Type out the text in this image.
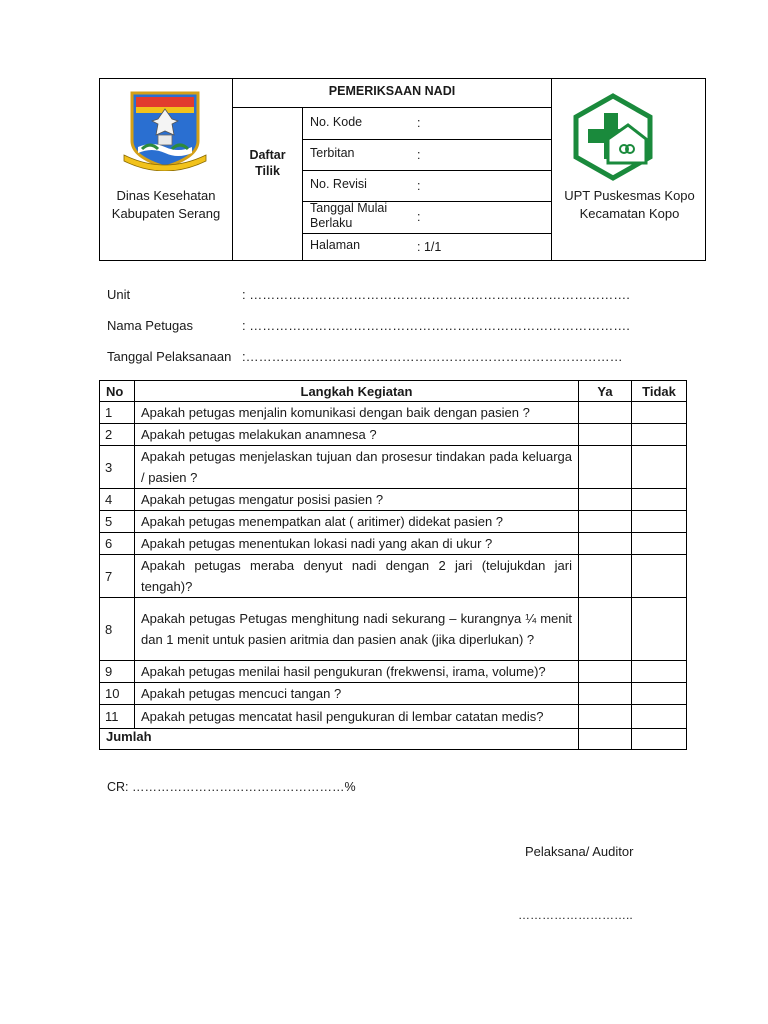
Dinas Kesehatan
Kabupaten Serang
PEMERIKSAAN NADI
Daftar
Tilik
No. Kode	:
Terbitan	:
No. Revisi	:
Tanggal Mulai
Berlaku	:
Halaman	: 1/1
UPT Puskesmas Kopo
Kecamatan Kopo
Unit	: …………………………………………………………………………….
Nama Petugas	: …………………………………………………………………………….
Tanggal Pelaksanaan :……………………………………………………………………………
No	Langkah Kegiatan	Ya	Tidak
1	Apakah petugas menjalin komunikasi dengan baik dengan pasien ?		
2	Apakah petugas melakukan anamnesa ?		
3	Apakah petugas menjelaskan tujuan dan prosesur tindakan pada keluarga / pasien ?		
4	Apakah petugas mengatur posisi pasien ?		
5	Apakah petugas menempatkan alat ( aritimer) didekat pasien ?		
6	Apakah petugas menentukan lokasi nadi yang akan di ukur ?		
7	Apakah petugas meraba denyut nadi dengan 2 jari (telujukdan jari tengah)?		
8	Apakah petugas Petugas menghitung nadi sekurang – kurangnya ¼ menit dan 1 menit untuk pasien aritmia dan pasien anak (jika diperlukan) ?		
9	Apakah petugas menilai hasil pengukuran (frekwensi, irama, volume)?		
10	Apakah petugas mencuci tangan ?		
11	Apakah petugas mencatat hasil pengukuran di lembar catatan medis?		
Jumlah			
CR: ……………………………………………%
Pelaksana/ Auditor
………………………..
